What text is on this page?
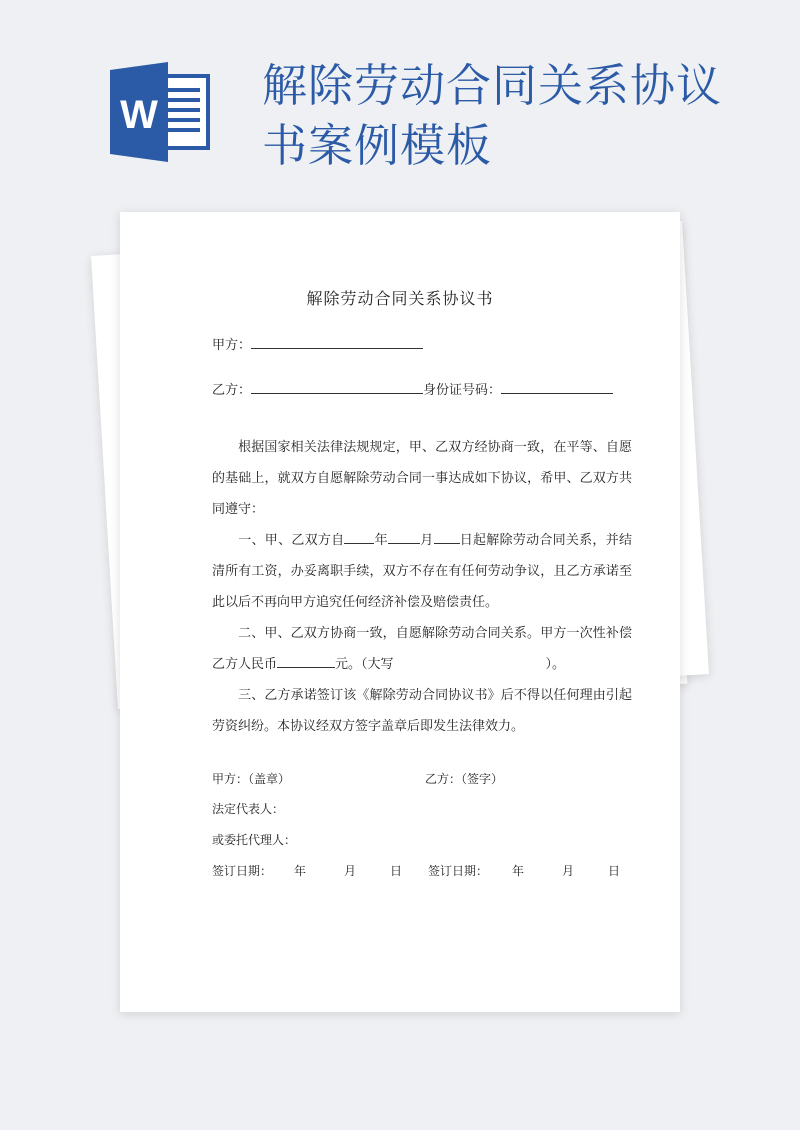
W
解除劳动合同关系协议书案例模板
解除劳动合同关系协议书
甲方：
乙方：	身份证号码：
根据国家相关法律法规规定，甲、乙双方经协商一致，在平等、自愿的基础上，就双方自愿解除劳动合同一事达成如下协议，希甲、乙双方共同遵守：
一、甲、乙双方自 年 月 日起解除劳动合同关系，并结清所有工资，办妥离职手续，双方不存在有任何劳动争议，且乙方承诺至此以后不再向甲方追究任何经济补偿及赔偿责任。
二、甲、乙双方协商一致，自愿解除劳动合同关系。甲方一次性补偿乙方人民币	元。（大写	）。
三、乙方承诺签订该《解除劳动合同协议书》后不得以任何理由引起劳资纠纷。本协议经双方签字盖章后即发生法律效力。
甲方：（盖章）	乙方：（签字）
法定代表人：
或委托代理人：
签订日期： 年	月	日 签订日期： 年	月	日
